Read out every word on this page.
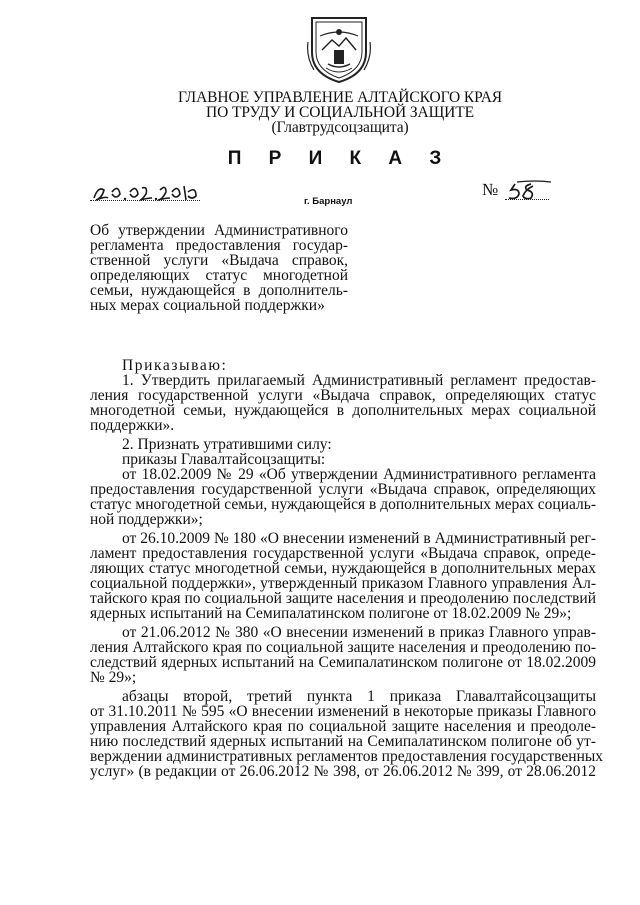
ГЛАВНОЕ УПРАВЛЕНИЕ АЛТАЙСКОГО КРАЯ
ПО ТРУДУ И СОЦИАЛЬНОЙ ЗАЩИТЕ
(Главтрудсоцзащита)
П Р И К А З
г. Барнаул
№
Об утверждении Административного
регламента предоставления государ-
ственной услуги «Выдача справок,
определяющих статус многодетной
семьи, нуждающейся в дополнитель-
ных мерах социальной поддержки»
Приказываю:
1. Утвердить прилагаемый Административный регламент предостав-
ления государственной услуги «Выдача справок, определяющих статус
многодетной семьи, нуждающейся в дополнительных мерах социальной
поддержки».
2. Признать утратившими силу:
приказы Главалтайсоцзащиты:
от 18.02.2009 № 29 «Об утверждении Административного регламента
предоставления государственной услуги «Выдача справок, определяющих
статус многодетной семьи, нуждающейся в дополнительных мерах социаль-
ной поддержки»;
от 26.10.2009 № 180 «О внесении изменений в Административный рег-
ламент предоставления государственной услуги «Выдача справок, опреде-
ляющих статус многодетной семьи, нуждающейся в дополнительных мерах
социальной поддержки», утвержденный приказом Главного управления Ал-
тайского края по социальной защите населения и преодолению последствий
ядерных испытаний на Семипалатинском полигоне от 18.02.2009 № 29»;
от 21.06.2012 № 380 «О внесении изменений в приказ Главного управ-
ления Алтайского края по социальной защите населения и преодолению по-
следствий ядерных испытаний на Семипалатинском полигоне от 18.02.2009
№ 29»;
абзацы второй, третий пункта 1 приказа Главалтайсоцзащиты
от 31.10.2011 № 595 «О внесении изменений в некоторые приказы Главного
управления Алтайского края по социальной защите населения и преодоле-
нию последствий ядерных испытаний на Семипалатинском полигоне об ут-
верждении административных регламентов предоставления государственных
услуг» (в редакции от 26.06.2012 № 398, от 26.06.2012 № 399, от 28.06.2012
